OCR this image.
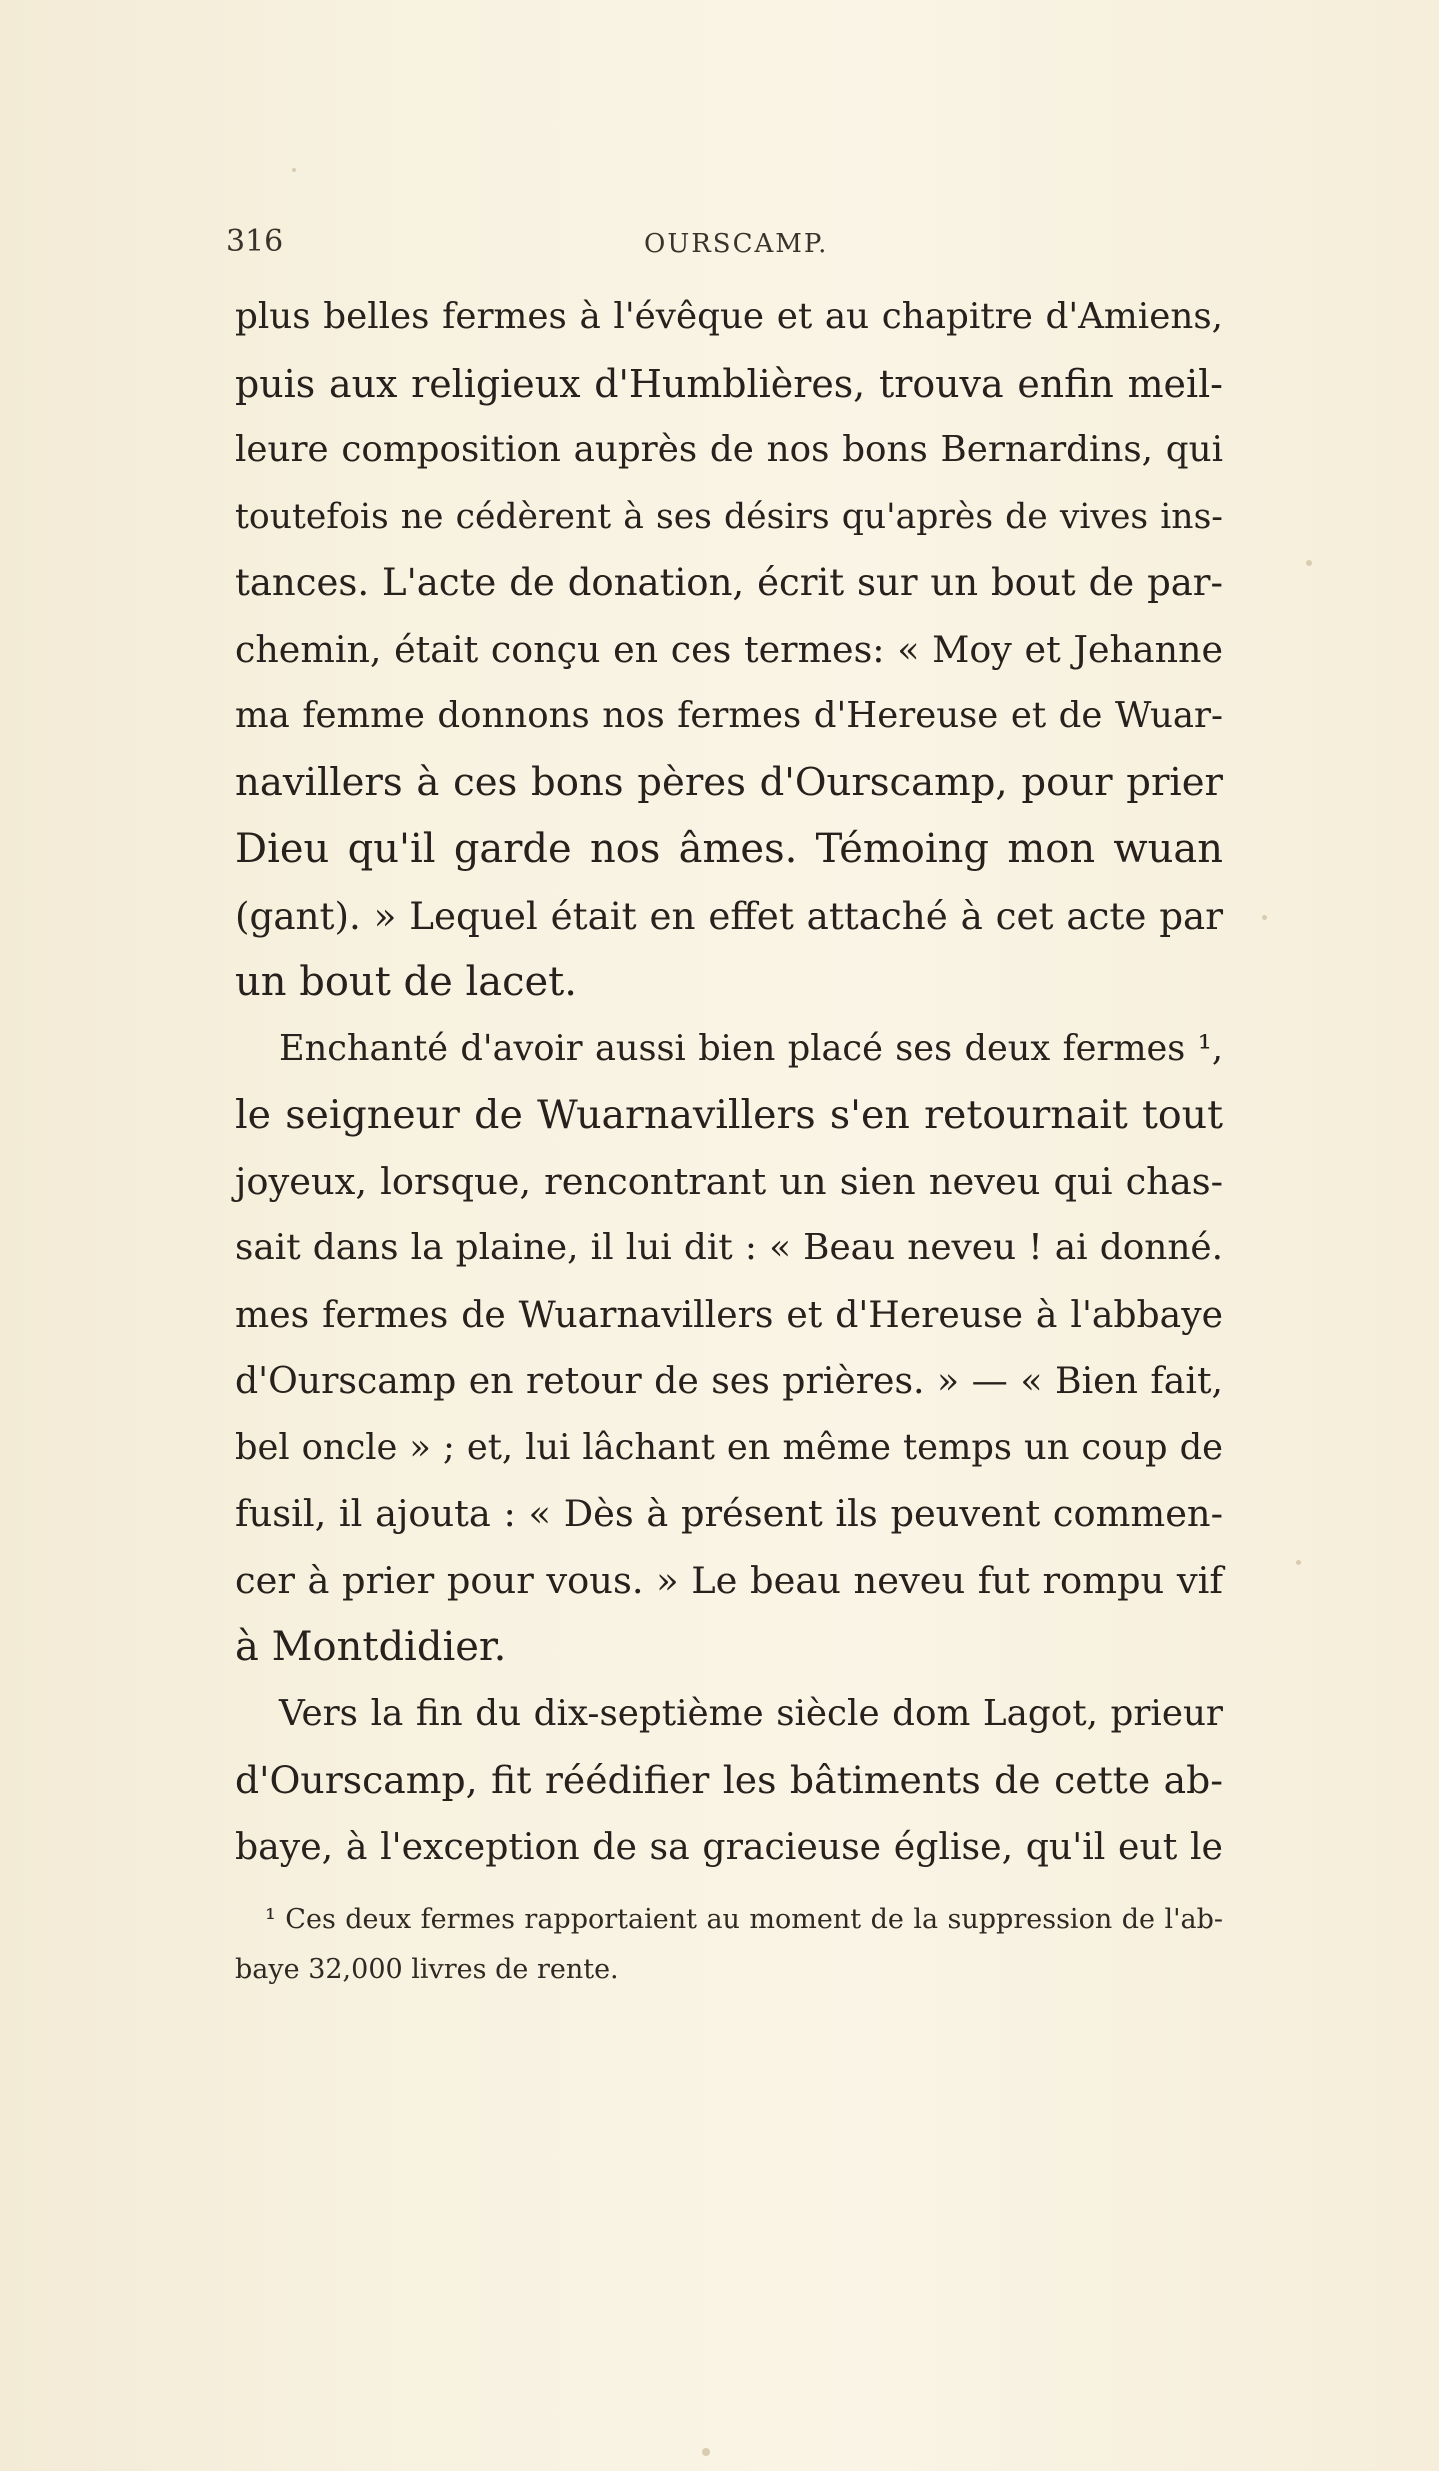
316	OURSCAMP.
plus belles fermes à l'évêque et au chapitre d'Amiens,
puis aux religieux d'Humblières, trouva enfin meil-
leure composition auprès de nos bons Bernardins, qui
toutefois ne cédèrent à ses désirs qu'après de vives ins-
tances. L'acte de donation, écrit sur un bout de par-
chemin, était conçu en ces termes: « Moy et Jehanne
ma femme donnons nos fermes d'Hereuse et de Wuar-
navillers à ces bons pères d'Ourscamp, pour prier
Dieu qu'il garde nos âmes. Témoing mon wuan
(gant). » Lequel était en effet attaché à cet acte par
un bout de lacet.
Enchanté d'avoir aussi bien placé ses deux fermes ¹,
le seigneur de Wuarnavillers s'en retournait tout
joyeux, lorsque, rencontrant un sien neveu qui chas-
sait dans la plaine, il lui dit : « Beau neveu ! ai donné.
mes fermes de Wuarnavillers et d'Hereuse à l'abbaye
d'Ourscamp en retour de ses prières. » — « Bien fait,
bel oncle » ; et, lui lâchant en même temps un coup de
fusil, il ajouta : « Dès à présent ils peuvent commen-
cer à prier pour vous. » Le beau neveu fut rompu vif
à Montdidier.
Vers la fin du dix-septième siècle dom Lagot, prieur
d'Ourscamp, fit réédifier les bâtiments de cette ab-
baye, à l'exception de sa gracieuse église, qu'il eut le
¹ Ces deux fermes rapportaient au moment de la suppression de l'ab-
baye 32,000 livres de rente.
